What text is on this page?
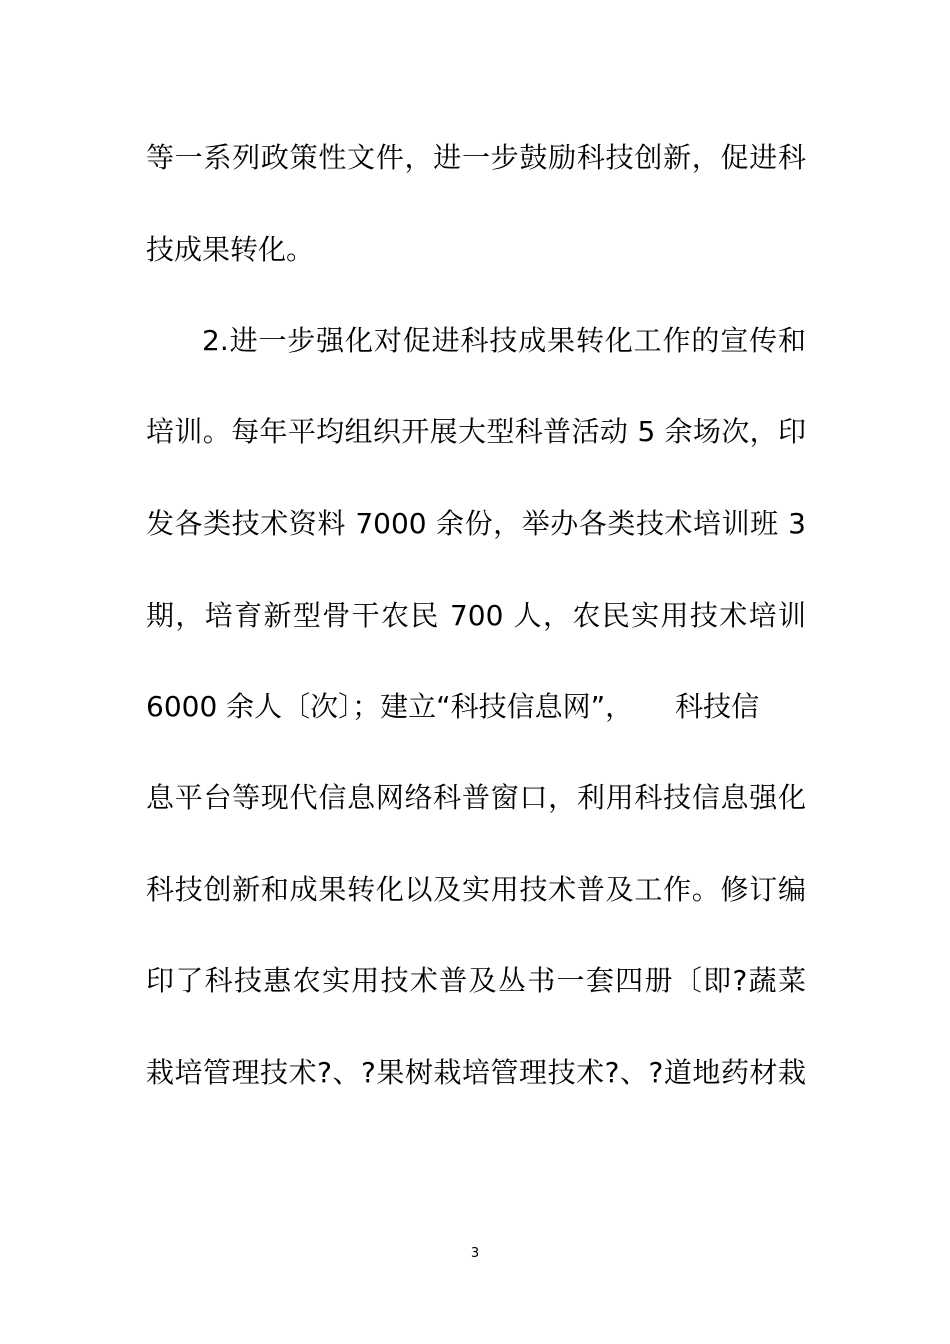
等一系列政策性文件，进一步鼓励科技创新，促进科
技成果转化。
2.进一步强化对促进科技成果转化工作的宣传和
培训。每年平均组织开展大型科普活动 5 余场次，印
发各类技术资料 7000 余份，举办各类技术培训班 3
期，培育新型骨干农民 700 人，农民实用技术培训
6000 余人〔次〕；建立“科技信息网”，　　科技信
息平台等现代信息网络科普窗口，利用科技信息强化
科技创新和成果转化以及实用技术普及工作。修订编
印了科技惠农实用技术普及丛书一套四册〔即?蔬菜
栽培管理技术?、?果树栽培管理技术?、?道地药材栽
3
